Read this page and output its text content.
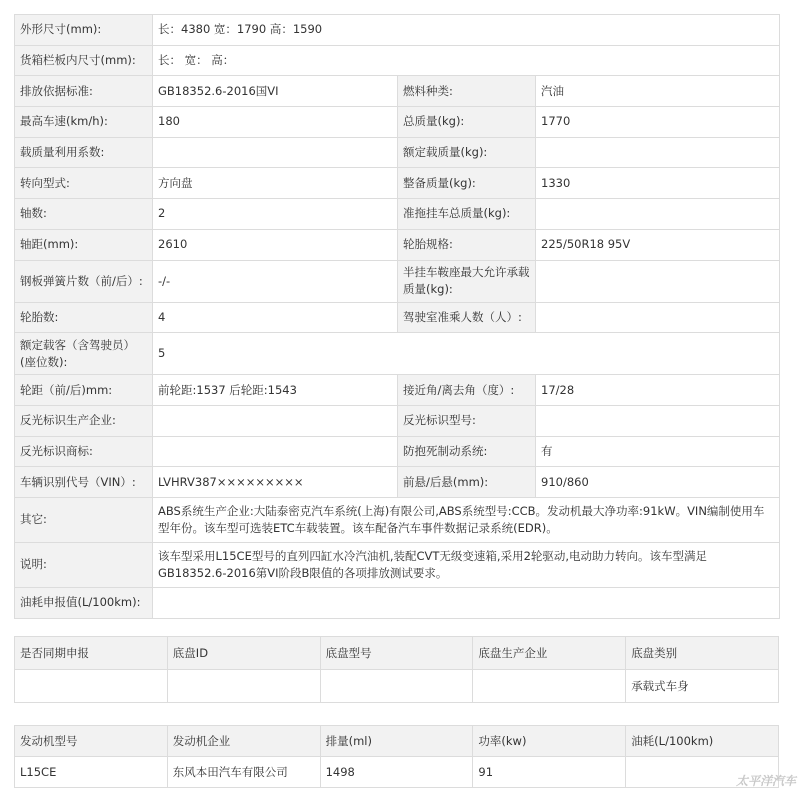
外形尺寸(mm):	长：4380 宽：1790 高：1590		
货箱栏板内尺寸(mm):	长： 宽： 高：		
排放依据标准:	GB18352.6-2016国VI	燃料种类:	汽油
最高车速(km/h):	180	总质量(kg):	1770
载质量利用系数:		额定载质量(kg):	
转向型式:	方向盘	整备质量(kg):	1330
轴数:	2	准拖挂车总质量(kg):	
轴距(mm):	2610	轮胎规格:	225/50R18 95V
钢板弹簧片数（前/后）:	-/-	半挂车鞍座最大允许承载质量(kg):	
轮胎数:	4	驾驶室准乘人数（人）:	
额定载客（含驾驶员）(座位数):	5		
轮距（前/后)mm:	前轮距:1537 后轮距:1543	接近角/离去角（度）:	17/28
反光标识生产企业:		反光标识型号:	
反光标识商标:		防抱死制动系统:	有
车辆识别代号（VIN）:	LVHRV387×××××××××	前悬/后悬(mm):	910/860
其它:	ABS系统生产企业:大陆泰密克汽车系统(上海)有限公司,ABS系统型号:CCB。发动机最大净功率:91kW。VIN编制使用车型年份。该车型可选装ETC车载装置。该车配备汽车事件数据记录系统(EDR)。		
说明:	该车型采用L15CE型号的直列四缸水冷汽油机,装配CVT无级变速箱,采用2轮驱动,电动助力转向。该车型满足GB18352.6-2016第VI阶段B限值的各项排放测试要求。		
油耗申报值(L/100km):			
是否同期申报	底盘ID	底盘型号	底盘生产企业	底盘类别
				承载式车身
发动机型号	发动机企业	排量(ml)	功率(kw)	油耗(L/100km)
L15CE	东风本田汽车有限公司	1498	91	
太平洋汽车
